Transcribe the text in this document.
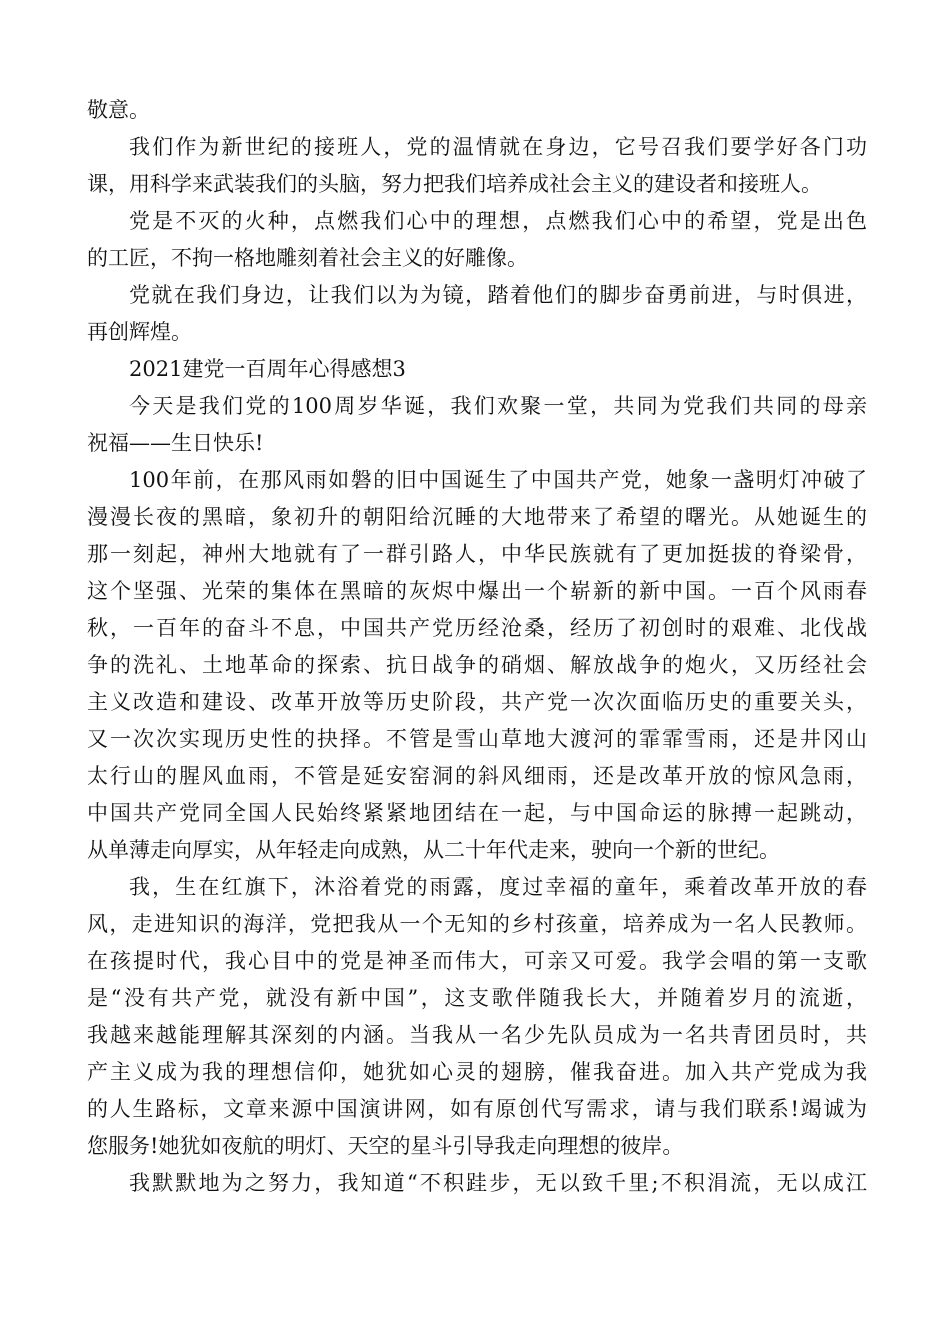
敬意。
我们作为新世纪的接班人，党的温情就在身边，它号召我们要学好各门功
课，用科学来武装我们的头脑，努力把我们培养成社会主义的建设者和接班人。
党是不灭的火种，点燃我们心中的理想，点燃我们心中的希望，党是出色
的工匠，不拘一格地雕刻着社会主义的好雕像。
党就在我们身边，让我们以为为镜，踏着他们的脚步奋勇前进，与时俱进，
再创辉煌。
2021建党一百周年心得感想3
今天是我们党的100周岁华诞，我们欢聚一堂，共同为党我们共同的母亲
祝福——生日快乐!
100年前，在那风雨如磐的旧中国诞生了中国共产党，她象一盏明灯冲破了
漫漫长夜的黑暗，象初升的朝阳给沉睡的大地带来了希望的曙光。从她诞生的
那一刻起，神州大地就有了一群引路人，中华民族就有了更加挺拔的脊梁骨，
这个坚强、光荣的集体在黑暗的灰烬中爆出一个崭新的新中国。一百个风雨春
秋，一百年的奋斗不息，中国共产党历经沧桑，经历了初创时的艰难、北伐战
争的洗礼、土地革命的探索、抗日战争的硝烟、解放战争的炮火，又历经社会
主义改造和建设、改革开放等历史阶段，共产党一次次面临历史的重要关头，
又一次次实现历史性的抉择。不管是雪山草地大渡河的霏霏雪雨，还是井冈山
太行山的腥风血雨，不管是延安窑洞的斜风细雨，还是改革开放的惊风急雨，
中国共产党同全国人民始终紧紧地团结在一起，与中国命运的脉搏一起跳动，
从单薄走向厚实，从年轻走向成熟，从二十年代走来，驶向一个新的世纪。
我，生在红旗下，沐浴着党的雨露，度过幸福的童年，乘着改革开放的春
风，走进知识的海洋，党把我从一个无知的乡村孩童，培养成为一名人民教师。
在孩提时代，我心目中的党是神圣而伟大，可亲又可爱。我学会唱的第一支歌
是“没有共产党，就没有新中国”，这支歌伴随我长大，并随着岁月的流逝，
我越来越能理解其深刻的内涵。当我从一名少先队员成为一名共青团员时，共
产主义成为我的理想信仰，她犹如心灵的翅膀，催我奋进。加入共产党成为我
的人生路标，文章来源中国演讲网，如有原创代写需求，请与我们联系!竭诚为
您服务!她犹如夜航的明灯、天空的星斗引导我走向理想的彼岸。
我默默地为之努力，我知道“不积跬步，无以致千里;不积涓流，无以成江
